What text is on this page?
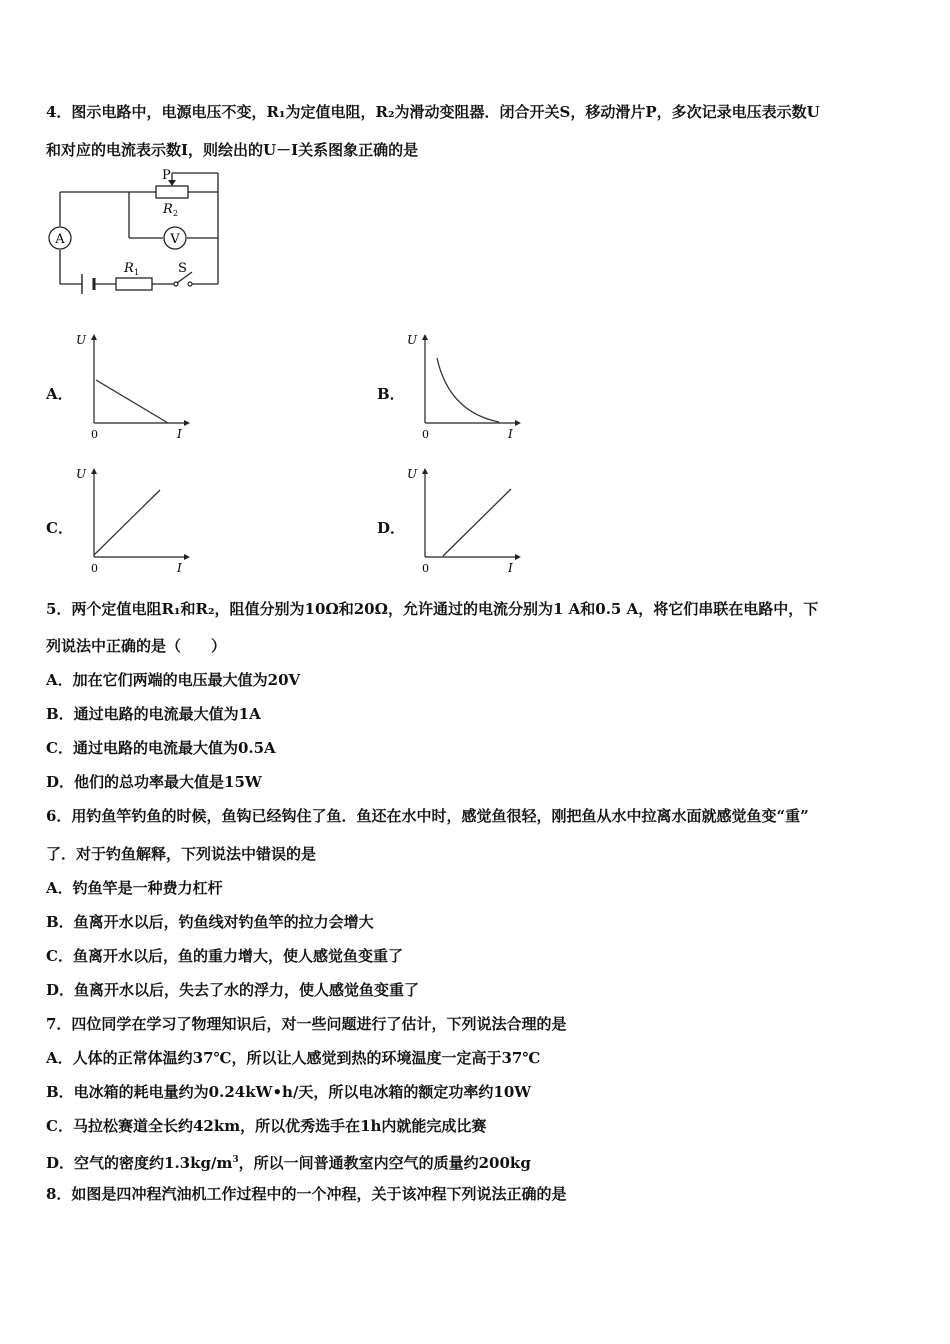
4．图示电路中，电源电压不变，R₁为定值电阻，R₂为滑动变阻器．闭合开关S，移动滑片P，多次记录电压表示数U
和对应的电流表示数I，则绘出的U－I关系图象正确的是
A	V
P
R 2
R 1	S
A．
U
I
0
B．
U
I
0
C．
U
I
0
D．
U
I
0
5．两个定值电阻R₁和R₂，阻值分别为10Ω和20Ω，允许通过的电流分别为1 A和0.5 A，将它们串联在电路中，下
列说法中正确的是（　　）
A．加在它们两端的电压最大值为20V
B．通过电路的电流最大值为1A
C．通过电路的电流最大值为0.5A
D．他们的总功率最大值是15W
6．用钓鱼竿钓鱼的时候，鱼钩已经钩住了鱼．鱼还在水中时，感觉鱼很轻，刚把鱼从水中拉离水面就感觉鱼变“重”
了．对于钓鱼解释，下列说法中错误的是
A．钓鱼竿是一种费力杠杆
B．鱼离开水以后，钓鱼线对钓鱼竿的拉力会增大
C．鱼离开水以后，鱼的重力增大，使人感觉鱼变重了
D．鱼离开水以后，失去了水的浮力，使人感觉鱼变重了
7．四位同学在学习了物理知识后，对一些问题进行了估计，下列说法合理的是
A．人体的正常体温约37℃，所以让人感觉到热的环境温度一定高于37℃
B．电冰箱的耗电量约为0.24kW•h/天，所以电冰箱的额定功率约10W
C．马拉松赛道全长约42km，所以优秀选手在1h内就能完成比赛
D．空气的密度约$1.3kg/m^3$，所以一间普通教室内空气的质量约200kg
8．如图是四冲程汽油机工作过程中的一个冲程，关于该冲程下列说法正确的是
